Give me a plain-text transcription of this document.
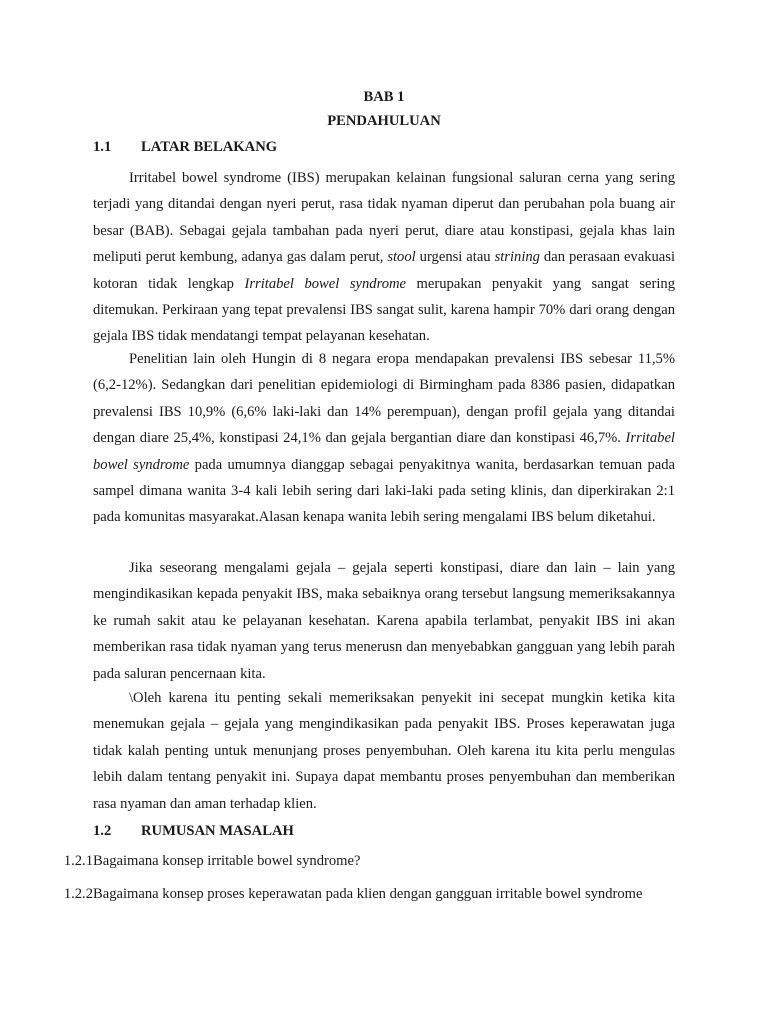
BAB 1
PENDAHULUAN
1.1 LATAR BELAKANG

Irritabel bowel syndrome (IBS) merupakan kelainan fungsional saluran cerna yang sering terjadi yang ditandai dengan nyeri perut, rasa tidak nyaman diperut dan perubahan pola buang air besar (BAB). Sebagai gejala tambahan pada nyeri perut, diare atau konstipasi, gejala khas lain meliputi perut kembung, adanya gas dalam perut, stool urgensi atau strining dan perasaan evakuasi kotoran tidak lengkap Irritabel bowel syndrome merupakan penyakit yang sangat sering ditemukan. Perkiraan yang tepat prevalensi IBS sangat sulit, karena hampir 70% dari orang dengan gejala IBS tidak mendatangi tempat pelayanan kesehatan.

Penelitian lain oleh Hungin di 8 negara eropa mendapakan prevalensi IBS sebesar 11,5% (6,2-12%). Sedangkan dari penelitian epidemiologi di Birmingham pada 8386 pasien, didapatkan prevalensi IBS 10,9% (6,6% laki-laki dan 14% perempuan), dengan profil gejala yang ditandai dengan diare 25,4%, konstipasi 24,1% dan gejala bergantian diare dan konstipasi 46,7%. Irritabel bowel syndrome pada umumnya dianggap sebagai penyakitnya wanita, berdasarkan temuan pada sampel dimana wanita 3-4 kali lebih sering dari laki-laki pada seting klinis, dan diperkirakan 2:1 pada komunitas masyarakat.Alasan kenapa wanita lebih sering mengalami IBS belum diketahui.

Jika seseorang mengalami gejala – gejala seperti konstipasi, diare dan lain – lain yang mengindikasikan kepada penyakit IBS, maka sebaiknya orang tersebut langsung memeriksakannya ke rumah sakit atau ke pelayanan kesehatan. Karena apabila terlambat, penyakit IBS ini akan memberikan rasa tidak nyaman yang terus menerusn dan menyebabkan gangguan yang lebih parah pada saluran pencernaan kita.

\Oleh karena itu penting sekali memeriksakan penyekit ini secepat mungkin ketika kita menemukan gejala – gejala yang mengindikasikan pada penyakit IBS. Proses keperawatan juga tidak kalah penting untuk menunjang proses penyembuhan. Oleh karena itu kita perlu mengulas lebih dalam tentang penyakit ini. Supaya dapat membantu proses penyembuhan dan memberikan rasa nyaman dan aman terhadap klien.

1.2 RUMUSAN MASALAH
1.2.1 Bagaimana konsep irritable bowel syndrome?
1.2.2 Bagaimana konsep proses keperawatan pada klien dengan gangguan irritable bowel syndrome
